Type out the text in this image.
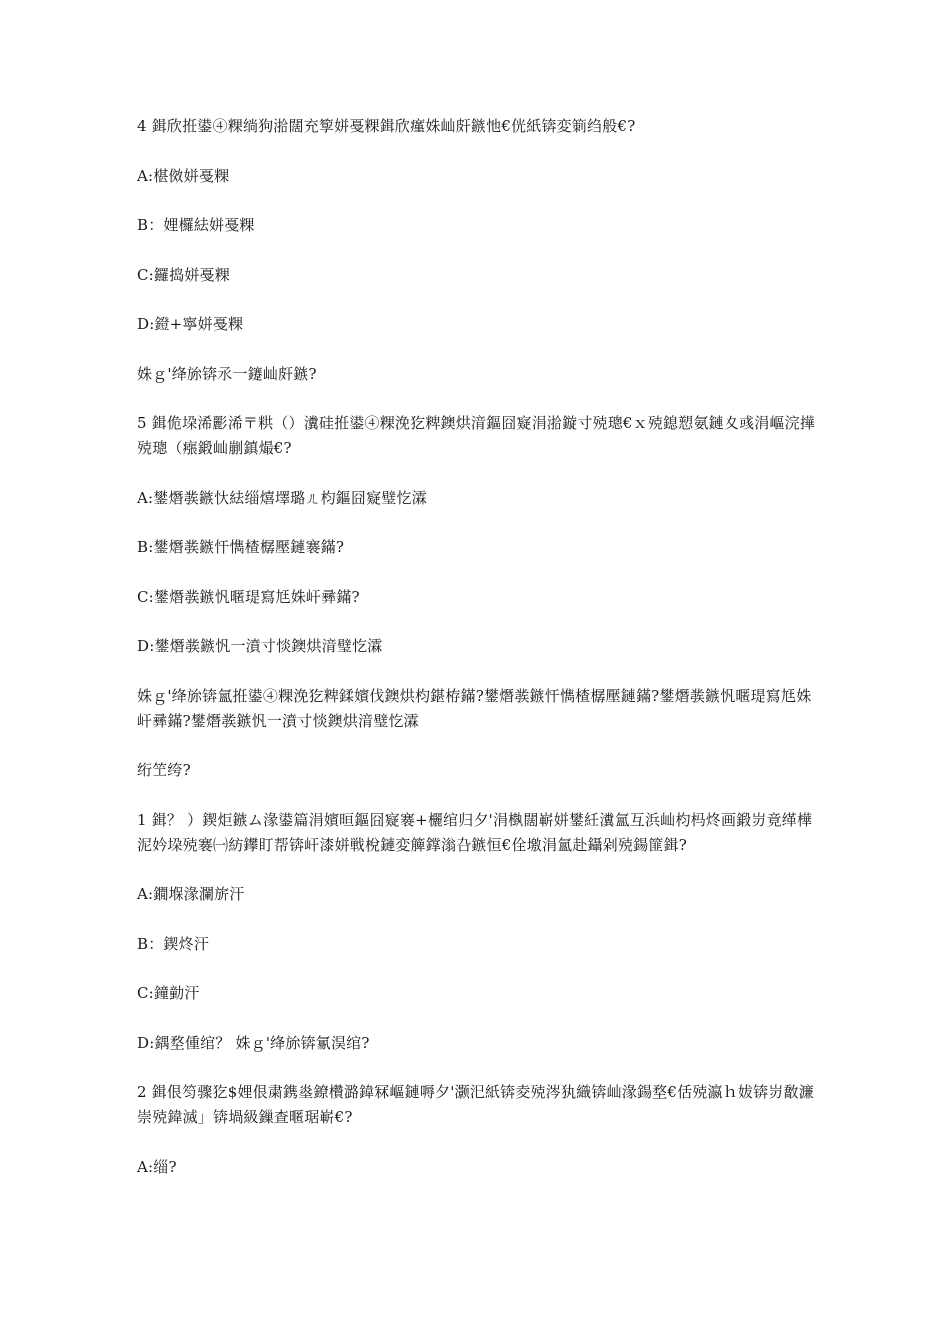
4 鍓欣拰鍙④粿绱狗湁闊充箰姘戞粿鍓欣瘽姝屾皯鏃忚€侊紙锛変箣绉般€?

A:椹傚姘戞粿

B：娌欏紶姘戞粿

C:鑼捣姘戞粿

D:鐙+寧姘戞粿

姝ｇ'绛旀锛氶一鑳屾皯鏃?

5 鍓佹垜浠彲浠〒粠（）瀵硅拰鍙④粿浼犵粺鐭烘湇鏂囧寲涓湁鏇寸殑璁€ｘ殑鎴愬氨鏈夊彧涓嶇浣撶殑璁（瘬鍛屾剻鎮熶€?

A:鐢熸彂鏃忕紶缁熺墿璐ㄦ枃鏂囧寲璧忔瀮

B:鐢熸彂鏃忓懏楂樼壓鏈褰鏋?

C:鐢熸彂鏃忛暱瑅寫尪姝屽彞鏋?

D:鐢熸彂鏃忛一濆寸惔鐭烘湇璧忔瀮

姝ｇ'绛旀锛氳拰鍙④粿浼犵粺鍒嬪伐鐭烘枃鍖栫鏋?鐢熸彂鏃忓懏楂樼壓鏈鏋?鐢熸彂鏃忛暱瑅寫尪姝屽彞鏋?鐢熸彂鏃忛一濆寸惔鐭烘湇璧忔瀮

绗笁绔?

1 鍓？ ）鍥炬鏃ム湪鍙篇涓嬪晅鏂囧寲褰+欐绾归夕'涓槸闊嶄姘鐢紝瀵氳互浜屾枃杩炵画鍛岃竟缂樺泥妗垜殑褰㈠紡鑻盯帮锛屽漆姘戦梲鏈変簲鐣滃叴鏃恒€佺墽涓氳赴鑷剁殑鍚篚鍓?

A:鐗堢湪瀾旂汗

B：鍥炵汗

C:鐘勭汗

D:鍝堥偅绾？ 姝ｇ'绛旀锛氱淏绾?

2 鍓佷笉骤犵$娌佷粛鎸烾鐐欑潞鍏冧嶇鏈嗕夕'灏汜紙锛夌殑涔犱織锛屾湪鍚堥€佸殑瀛ｈ妭锛岃敿濂崇殑鍏滅」锛堝級鏁查暱琚嶄€?

A:缁?
